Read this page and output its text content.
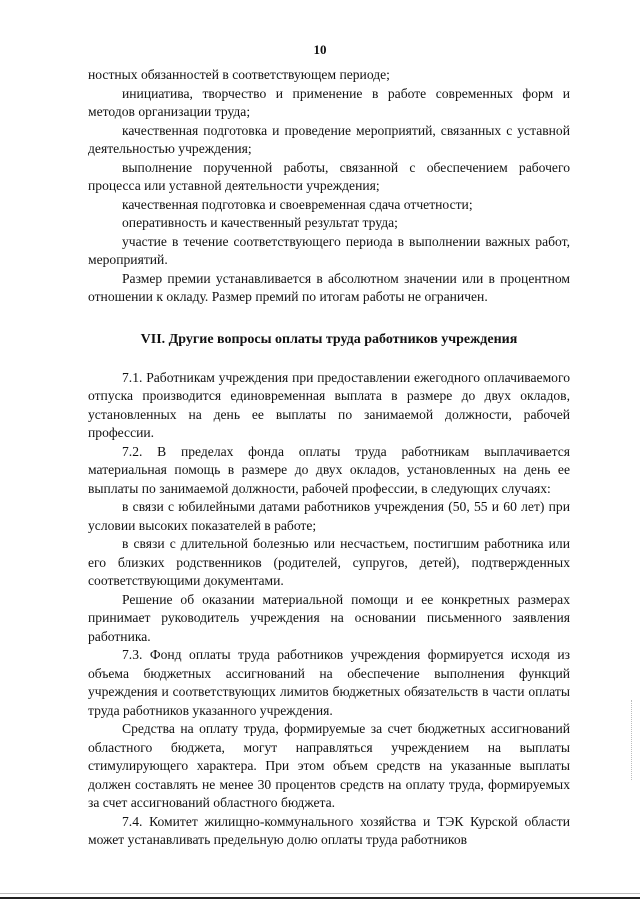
10

ностных обязанностей в соответствующем периоде;

инициатива, творчество и применение в работе современных форм и методов организации труда;

качественная подготовка и проведение мероприятий, связанных с уставной деятельностью учреждения;

выполнение порученной работы, связанной с обеспечением рабочего процесса или уставной деятельности учреждения;

качественная подготовка и своевременная сдача отчетности;

оперативность и качественный результат труда;

участие в течение соответствующего периода в выполнении важных работ, мероприятий.

Размер премии устанавливается в абсолютном значении или в процентном отношении к окладу. Размер премий по итогам работы не ограничен.

VII. Другие вопросы оплаты труда работников учреждения

7.1. Работникам учреждения при предоставлении ежегодного оплачиваемого отпуска производится единовременная выплата в размере до двух окладов, установленных на день ее выплаты по занимаемой должности, рабочей профессии.

7.2. В пределах фонда оплаты труда работникам выплачивается материальная помощь в размере до двух окладов, установленных на день ее выплаты по занимаемой должности, рабочей профессии, в следующих случаях:

в связи с юбилейными датами работников учреждения (50, 55 и 60 лет) при условии высоких показателей в работе;

в связи с длительной болезнью или несчастьем, постигшим работника или его близких родственников (родителей, супругов, детей), подтвержденных соответствующими документами.

Решение об оказании материальной помощи и ее конкретных размерах принимает руководитель учреждения на основании письменного заявления работника.

7.3. Фонд оплаты труда работников учреждения формируется исходя из объема бюджетных ассигнований на обеспечение выполнения функций учреждения и соответствующих лимитов бюджетных обязательств в части оплаты труда работников указанного учреждения.

Средства на оплату труда, формируемые за счет бюджетных ассигнований областного бюджета, могут направляться учреждением на выплаты стимулирующего характера. При этом объем средств на указанные выплаты должен составлять не менее 30 процентов средств на оплату труда, формируемых за счет ассигнований областного бюджета.

7.4. Комитет жилищно-коммунального хозяйства и ТЭК Курской области может устанавливать предельную долю оплаты труда работников
